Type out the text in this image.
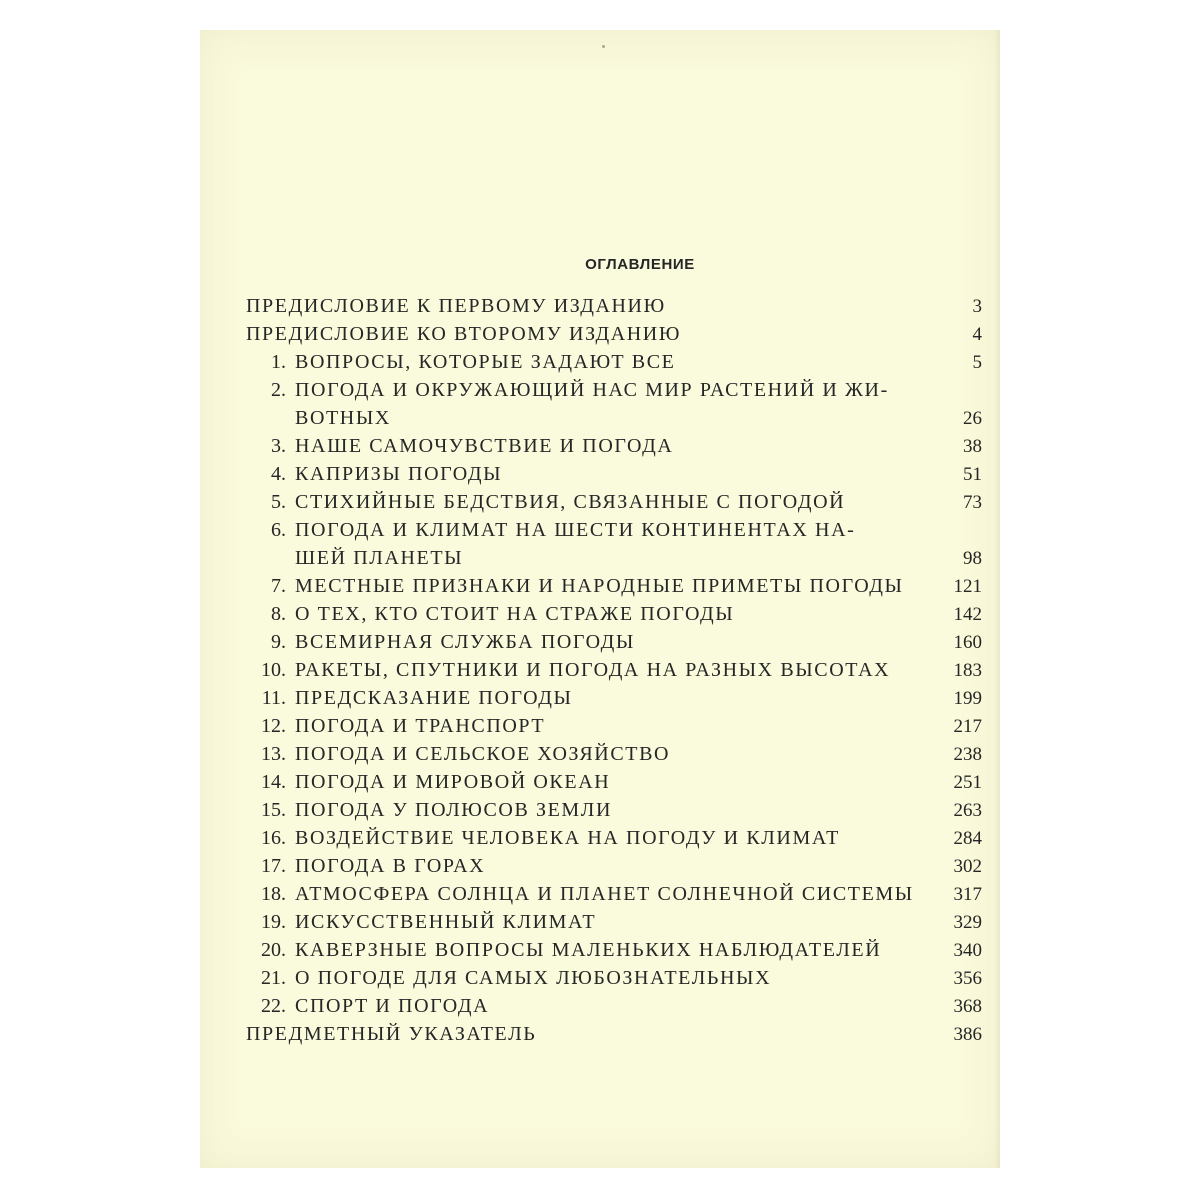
ОГЛАВЛЕНИЕ
ПРЕДИСЛОВИЕ К ПЕРВОМУ ИЗДАНИЮ	3
ПРЕДИСЛОВИЕ КО ВТОРОМУ ИЗДАНИЮ	4
1. ВОПРОСЫ, КОТОРЫЕ ЗАДАЮТ ВСЕ	5
2. ПОГОДА И ОКРУЖАЮЩИЙ НАС МИР РАСТЕНИЙ И ЖИ-
ВОТНЫХ	26
3. НАШЕ САМОЧУВСТВИЕ И ПОГОДА	38
4. КАПРИЗЫ ПОГОДЫ	51
5. СТИХИЙНЫЕ БЕДСТВИЯ, СВЯЗАННЫЕ С ПОГОДОЙ	73
6. ПОГОДА И КЛИМАТ НА ШЕСТИ КОНТИНЕНТАХ НА-
ШЕЙ ПЛАНЕТЫ	98
7. МЕСТНЫЕ ПРИЗНАКИ И НАРОДНЫЕ ПРИМЕТЫ ПОГОДЫ	121
8. О ТЕХ, КТО СТОИТ НА СТРАЖЕ ПОГОДЫ	142
9. ВСЕМИРНАЯ СЛУЖБА ПОГОДЫ	160
10. РАКЕТЫ, СПУТНИКИ И ПОГОДА НА РАЗНЫХ ВЫСОТАХ	183
11. ПРЕДСКАЗАНИЕ ПОГОДЫ	199
12. ПОГОДА И ТРАНСПОРТ	217
13. ПОГОДА И СЕЛЬСКОЕ ХОЗЯЙСТВО	238
14. ПОГОДА И МИРОВОЙ ОКЕАН	251
15. ПОГОДА У ПОЛЮСОВ ЗЕМЛИ	263
16. ВОЗДЕЙСТВИЕ ЧЕЛОВЕКА НА ПОГОДУ И КЛИМАТ	284
17. ПОГОДА В ГОРАХ	302
18. АТМОСФЕРА СОЛНЦА И ПЛАНЕТ СОЛНЕЧНОЙ СИСТЕМЫ	317
19. ИСКУССТВЕННЫЙ КЛИМАТ	329
20. КАВЕРЗНЫЕ ВОПРОСЫ МАЛЕНЬКИХ НАБЛЮДАТЕЛЕЙ	340
21. О ПОГОДЕ ДЛЯ САМЫХ ЛЮБОЗНАТЕЛЬНЫХ	356
22. СПОРТ И ПОГОДА	368
ПРЕДМЕТНЫЙ УКАЗАТЕЛЬ	386
